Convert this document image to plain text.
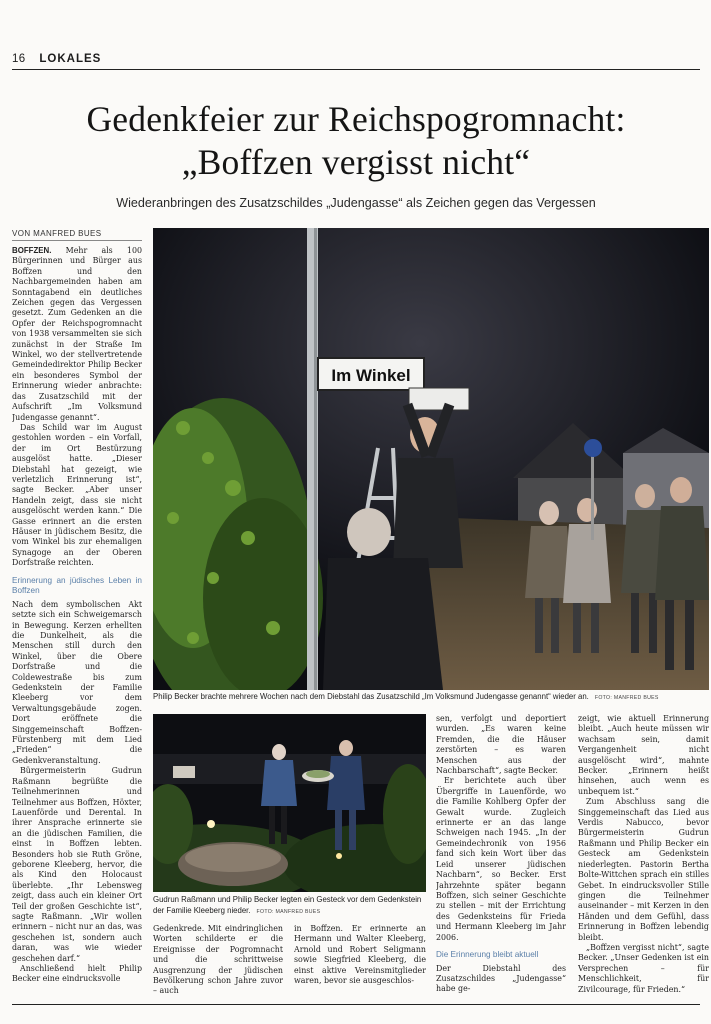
16 LOKALES
Gedenkfeier zur Reichspogromnacht:
„Boffzen vergisst nicht“
Wiederanbringen des Zusatzschildes „Judengasse“ als Zeichen gegen das Vergessen
VON MANFRED BUES

BOFFZEN. Mehr als 100 Bürgerinnen und Bürger aus Boffzen und den Nachbargemeinden haben am Sonntagabend ein deutliches Zeichen gegen das Vergessen gesetzt. Zum Gedenken an die Opfer der Reichspogromnacht von 1938 versammelten sie sich zunächst in der Straße Im Winkel, wo der stellvertretende Gemeindedirektor Philip Becker ein besonderes Symbol der Erinnerung wieder anbrachte: das Zusatzschild mit der Aufschrift „Im Volksmund Judengasse genannt“.

Das Schild war im August gestohlen worden – ein Vorfall, der im Ort Bestürzung ausgelöst hatte. „Dieser Diebstahl hat gezeigt, wie verletzlich Erinnerung ist“, sagte Becker. „Aber unser Handeln zeigt, dass sie nicht ausgelöscht werden kann.“ Die Gasse erinnert an die ersten Häuser in jüdischem Besitz, die vom Winkel bis zur ehemaligen Synagoge an der Oberen Dorfstraße reichten.

Erinnerung an jüdisches Leben in Boffzen

Nach dem symbolischen Akt setzte sich ein Schweigemarsch in Bewegung. Kerzen erhellten die Dunkelheit, als die Menschen still durch den Winkel, über die Obere Dorfstraße und die Coldewestraße bis zum Gedenkstein der Familie Kleeberg vor dem Verwaltungsgebäude zogen. Dort eröffnete die Singgemeinschaft Boffzen-Fürstenberg mit dem Lied „Frieden“ die Gedenkveranstaltung.

Bürgermeisterin Gudrun Raßmann begrüßte die Teilnehmerinnen und Teilnehmer aus Boffzen, Höxter, Lauenförde und Derental. In ihrer Ansprache erinnerte sie an die jüdischen Familien, die einst in Boffzen lebten. Besonders hob sie Ruth Gröne, geborene Kleeberg, hervor, die als Kind den Holocaust überlebte. „Ihr Lebensweg zeigt, dass auch ein kleiner Ort Teil der großen Geschichte ist“, sagte Raßmann. „Wir wollen erinnern – nicht nur an das, was geschehen ist, sondern auch daran, was wie wieder geschehen darf.“

Anschließend hielt Philip Becker eine eindrucksvolle

Im Winkel
Philip Becker brachte mehrere Wochen nach dem Diebstahl das Zusatzschild „Im Volksmund Judengasse genannt“ wieder an. FOTO: MANFRED BUES
Gudrun Raßmann und Philip Becker legten ein Gesteck vor dem Gedenkstein der Familie Kleeberg nieder. FOTO: MANFRED BUES

Gedenkrede. Mit eindringlichen Worten schilderte er die Ereignisse der Pogromnacht und die schrittweise Ausgrenzung der jüdischen Bevölkerung schon Jahre zuvor – auch

in Boffzen. Er erinnerte an Hermann und Walter Kleeberg, Arnold und Robert Seligmann sowie Siegfried Kleeberg, die einst aktive Vereinsmitglieder waren, bevor sie ausgeschlos-

sen, verfolgt und deportiert wurden. „Es waren keine Fremden, die die Häuser zerstörten – es waren Menschen aus der Nachbarschaft“, sagte Becker.

Er berichtete auch über Übergriffe in Lauenförde, wo die Familie Kohlberg Opfer der Gewalt wurde. Zugleich erinnerte er an das lange Schweigen nach 1945. „In der Gemeindechronik von 1956 fand sich kein Wort über das Leid unserer jüdischen Nachbarn“, so Becker. Erst Jahrzehnte später begann Boffzen, sich seiner Geschichte zu stellen – mit der Errichtung des Gedenksteins für Frieda und Hermann Kleeberg im Jahr 2006.

Die Erinnerung bleibt aktuell

Der Diebstahl des Zusatzschildes „Judengasse“ habe ge-

zeigt, wie aktuell Erinnerung bleibt. „Auch heute müssen wir wachsam sein, damit Vergangenheit nicht ausgelöscht wird“, mahnte Becker. „Erinnern heißt hinsehen, auch wenn es unbequem ist.“

Zum Abschluss sang die Singgemeinschaft das Lied aus Verdis Nabucco, bevor Bürgermeisterin Gudrun Raßmann und Philip Becker ein Gesteck am Gedenkstein niederlegten. Pastorin Bertha Bolte-Wittchen sprach ein stilles Gebet. In eindrucksvoller Stille gingen die Teilnehmer auseinander – mit Kerzen in den Händen und dem Gefühl, dass Erinnerung in Boffzen lebendig bleibt.

„Boffzen vergisst nicht“, sagte Becker. „Unser Gedenken ist ein Versprechen – für Menschlichkeit, für Zivilcourage, für Frieden.“
